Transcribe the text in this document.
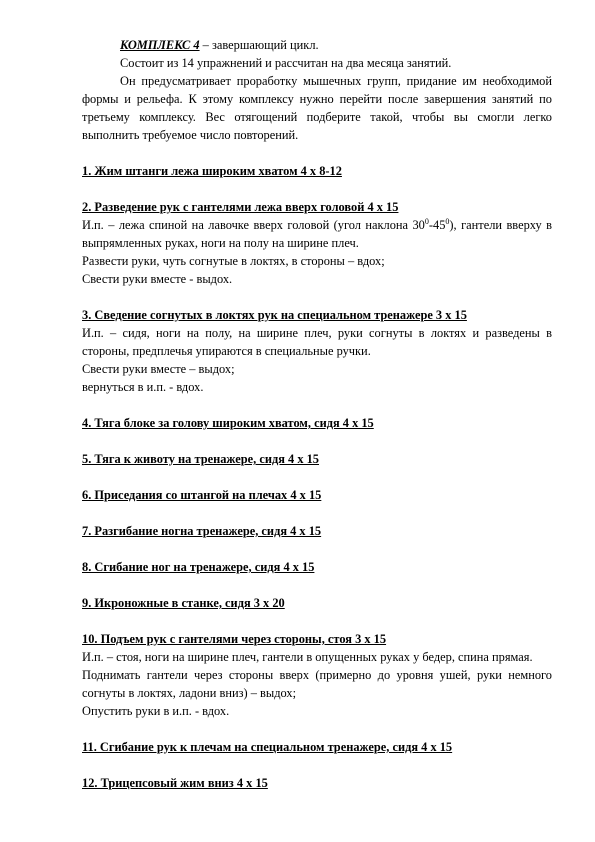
КОМПЛЕКС 4 – завершающий цикл.

Состоит из 14 упражнений и рассчитан на два месяца занятий.

Он предусматривает проработку мышечных групп, придание им необходимой формы и рельефа. К этому комплексу нужно перейти после завершения занятий по третьему комплексу. Вес отягощений подберите такой, чтобы вы смогли легко выполнить требуемое число повторений.

1. Жим штанги лежа широким хватом 4 х 8-12

2. Разведение рук с гантелями лежа вверх головой 4 х 15

И.п. – лежа спиной на лавочке вверх головой (угол наклона $30^0-45^0$), гантели вверху в выпрямленных руках, ноги на полу на ширине плеч.

Развести руки, чуть согнутые в локтях, в стороны – вдох;

Свести руки вместе - выдох.

3. Сведение согнутых в локтях рук на специальном тренажере 3 х 15

И.п. – сидя, ноги на полу, на ширине плеч, руки согнуты в локтях и разведены в стороны, предплечья упираются в специальные ручки.

Свести руки вместе – выдох;

вернуться в и.п. - вдох.

4. Тяга блоке за голову широким хватом, сидя 4 х 15

5. Тяга к животу на тренажере, сидя 4 х 15

6. Приседания со штангой на плечах 4 х 15

7. Разгибание ногна тренажере, сидя 4 х 15

8. Сгибание ног на тренажере, сидя 4 х 15

9. Икроножные в станке, сидя 3 х 20

10. Подъем рук с гантелями через стороны, стоя 3 х 15

И.п. – стоя, ноги на ширине плеч, гантели в опущенных руках у бедер, спина прямая.

Поднимать гантели через стороны вверх (примерно до уровня ушей, руки немного согнуты в локтях, ладони вниз) – выдох;

Опустить руки в и.п. - вдох.

11. Сгибание рук к плечам на специальном тренажере, сидя 4 х 15

12. Трицепсовый жим вниз 4 х 15
